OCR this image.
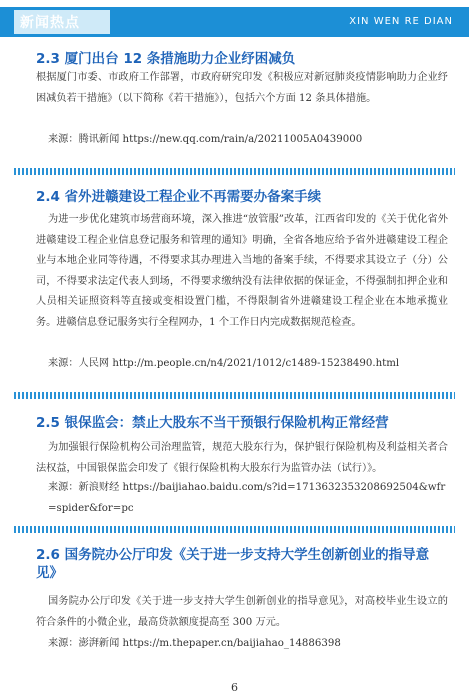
新闻热点	XIN WEN RE DIAN
2.3 厦门出台 12 条措施助力企业纾困减负

根据厦门市委、市政府工作部署，市政府研究印发《积极应对新冠肺炎疫情影响助力企业纾困减负若干措施》（以下简称《若干措施》），包括六个方面 12 条具体措施。

来源：腾讯新闻 https://new.qq.com/rain/a/20211005A0439000

2.4 省外进赣建设工程企业不再需要办备案手续

为进一步优化建筑市场营商环境，深入推进“放管服”改革，江西省印发的《关于优化省外进赣建设工程企业信息登记服务和管理的通知》明确，全省各地应给予省外进赣建设工程企业与本地企业同等待遇，不得要求其办理进入当地的备案手续，不得要求其设立子（分）公司，不得要求法定代表人到场，不得要求缴纳没有法律依据的保证金，不得强制扣押企业和人员相关证照资料等直接或变相设置门槛，不得限制省外进赣建设工程企业在本地承揽业务。进赣信息登记服务实行全程网办，1 个工作日内完成数据规范检查。

来源：人民网 http://m.people.cn/n4/2021/1012/c1489-15238490.html

2.5 银保监会：禁止大股东不当干预银行保险机构正常经营

为加强银行保险机构公司治理监管，规范大股东行为，保护银行保险机构及利益相关者合法权益，中国银保监会印发了《银行保险机构大股东行为监管办法（试行）》。

来源：新浪财经 https://baijiahao.baidu.com/s?id=1713632353208692504&wfr=spider&for=pc

2.6 国务院办公厅印发《关于进一步支持大学生创新创业的指导意见》

国务院办公厅印发《关于进一步支持大学生创新创业的指导意见》，对高校毕业生设立的符合条件的小微企业，最高贷款额度提高至 300 万元。

来源：澎湃新闻 https://m.thepaper.cn/baijiahao_14886398

6
